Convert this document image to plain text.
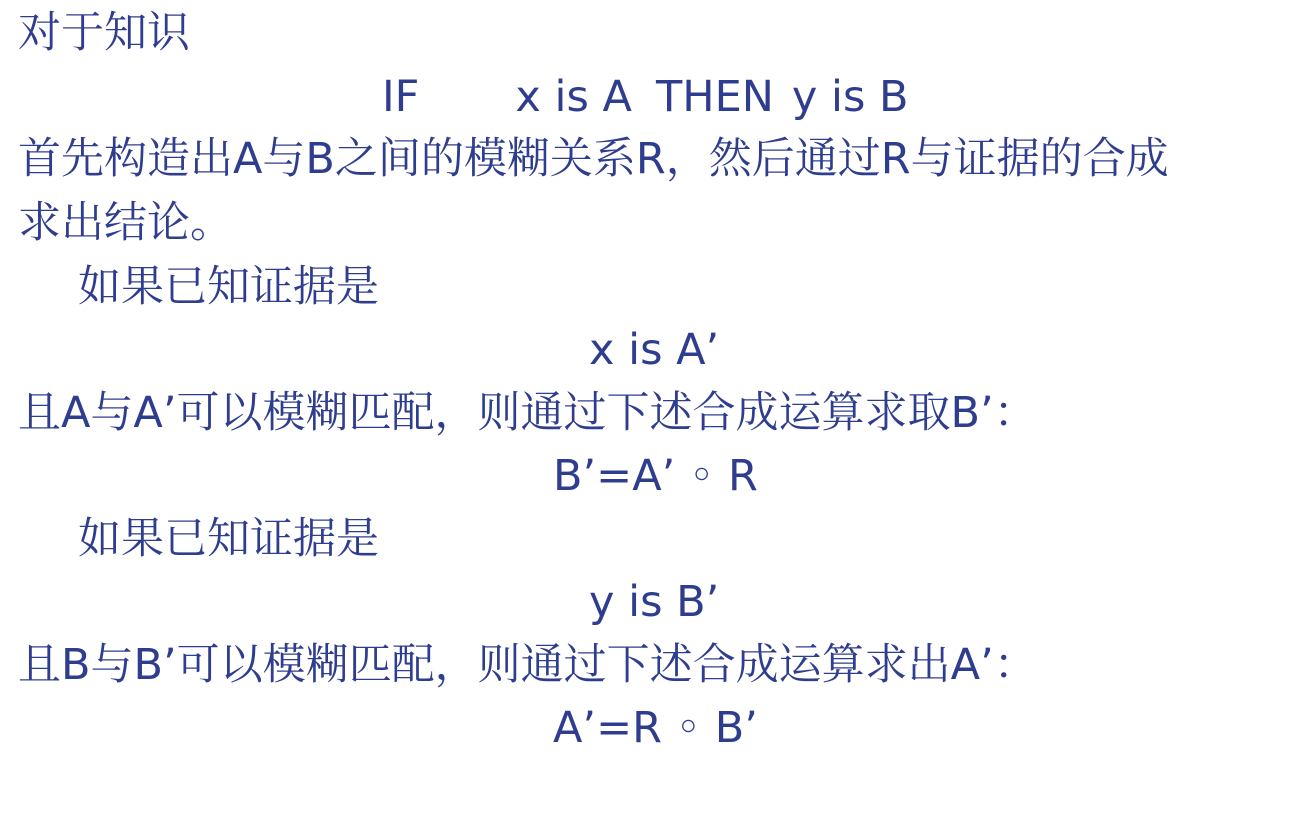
对于知识
IF x is A THEN y is B
首先构造出A与B之间的模糊关系R，然后通过R与证据的合成
求出结论。
如果已知证据是
x is A’
且A与A’可以模糊匹配，则通过下述合成运算求取B’：
B’=A’ ◦ R
如果已知证据是
y is B’
且B与B’可以模糊匹配，则通过下述合成运算求出A’：
A’=R ◦ B’
